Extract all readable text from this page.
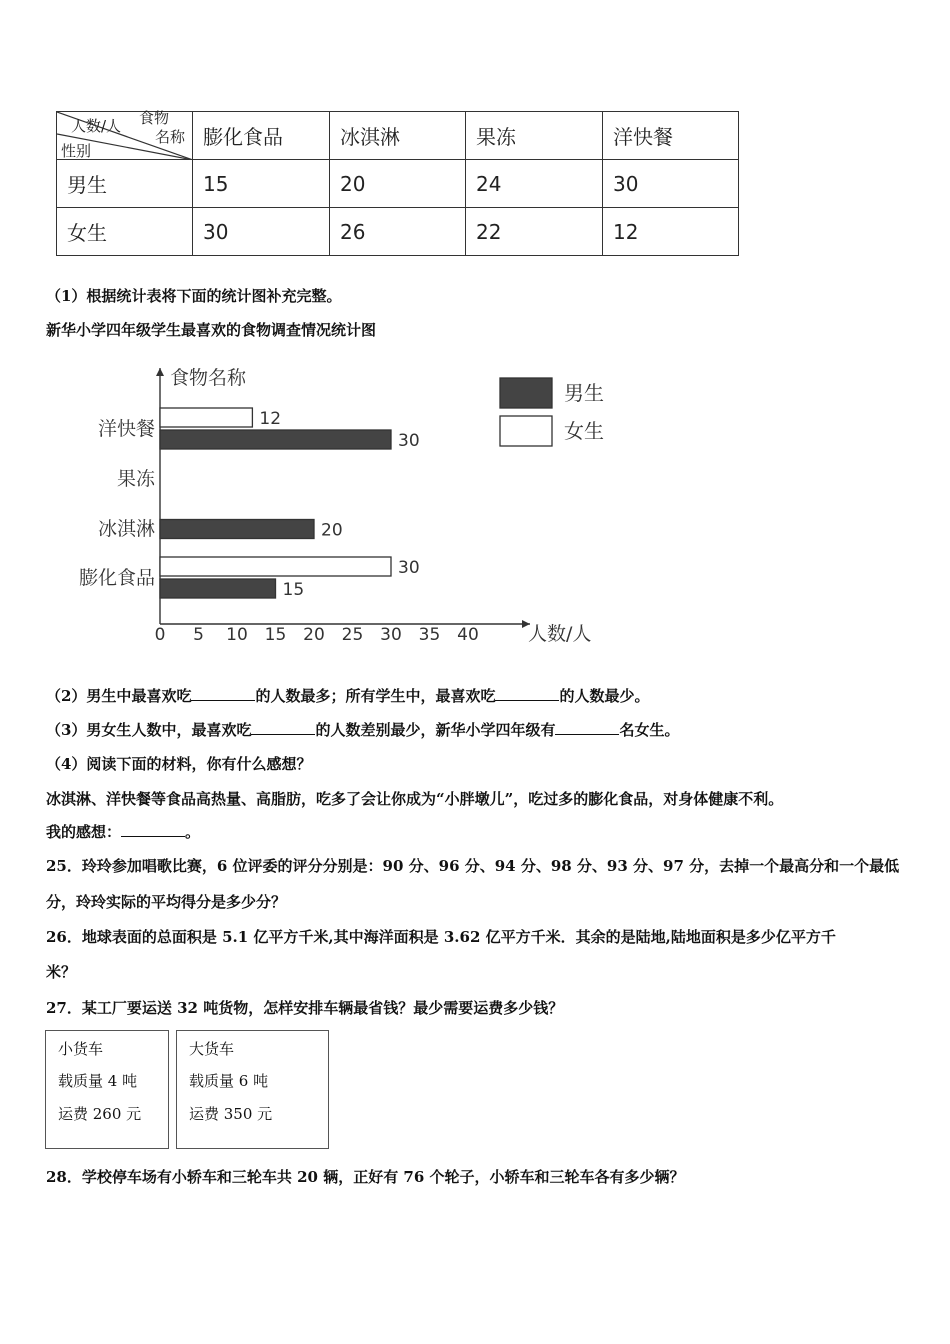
人数/人 食物
名称
性别	膨化食品	冰淇淋	果冻	洋快餐
男生	15	20	24	30
女生	30	26	22	12
（1）根据统计表将下面的统计图补充完整。
新华小学四年级学生最喜欢的食物调查情况统计图
食物名称
人数/人
0 5 10 15 20 25 30 35 40
膨化食品
冰淇淋
果冻
洋快餐
15
20
30
30
12
男生
女生
（2）男生中最喜欢吃	的人数最多；所有学生中，最喜欢吃	的人数最少。
（3）男女生人数中，最喜欢吃	的人数差别最少，新华小学四年级有	名女生。
（4）阅读下面的材料，你有什么感想？
冰淇淋、洋快餐等食品高热量、高脂肪，吃多了会让你成为“小胖墩儿”，吃过多的膨化食品，对身体健康不利。
我的感想：	。
25．玲玲参加唱歌比赛，6 位评委的评分分别是：90 分、96 分、94 分、98 分、93 分、97 分，去掉一个最高分和一个最低
分，玲玲实际的平均得分是多少分？
26．地球表面的总面积是 5.1 亿平方千米,其中海洋面积是 3.62 亿平方千米．其余的是陆地,陆地面积是多少亿平方千
米？
27．某工厂要运送 32 吨货物，怎样安排车辆最省钱？最少需要运费多少钱？
小货车
载质量 4 吨
运费 260 元
大货车
载质量 6 吨
运费 350 元
28．学校停车场有小轿车和三轮车共 20 辆，正好有 76 个轮子，小轿车和三轮车各有多少辆？
